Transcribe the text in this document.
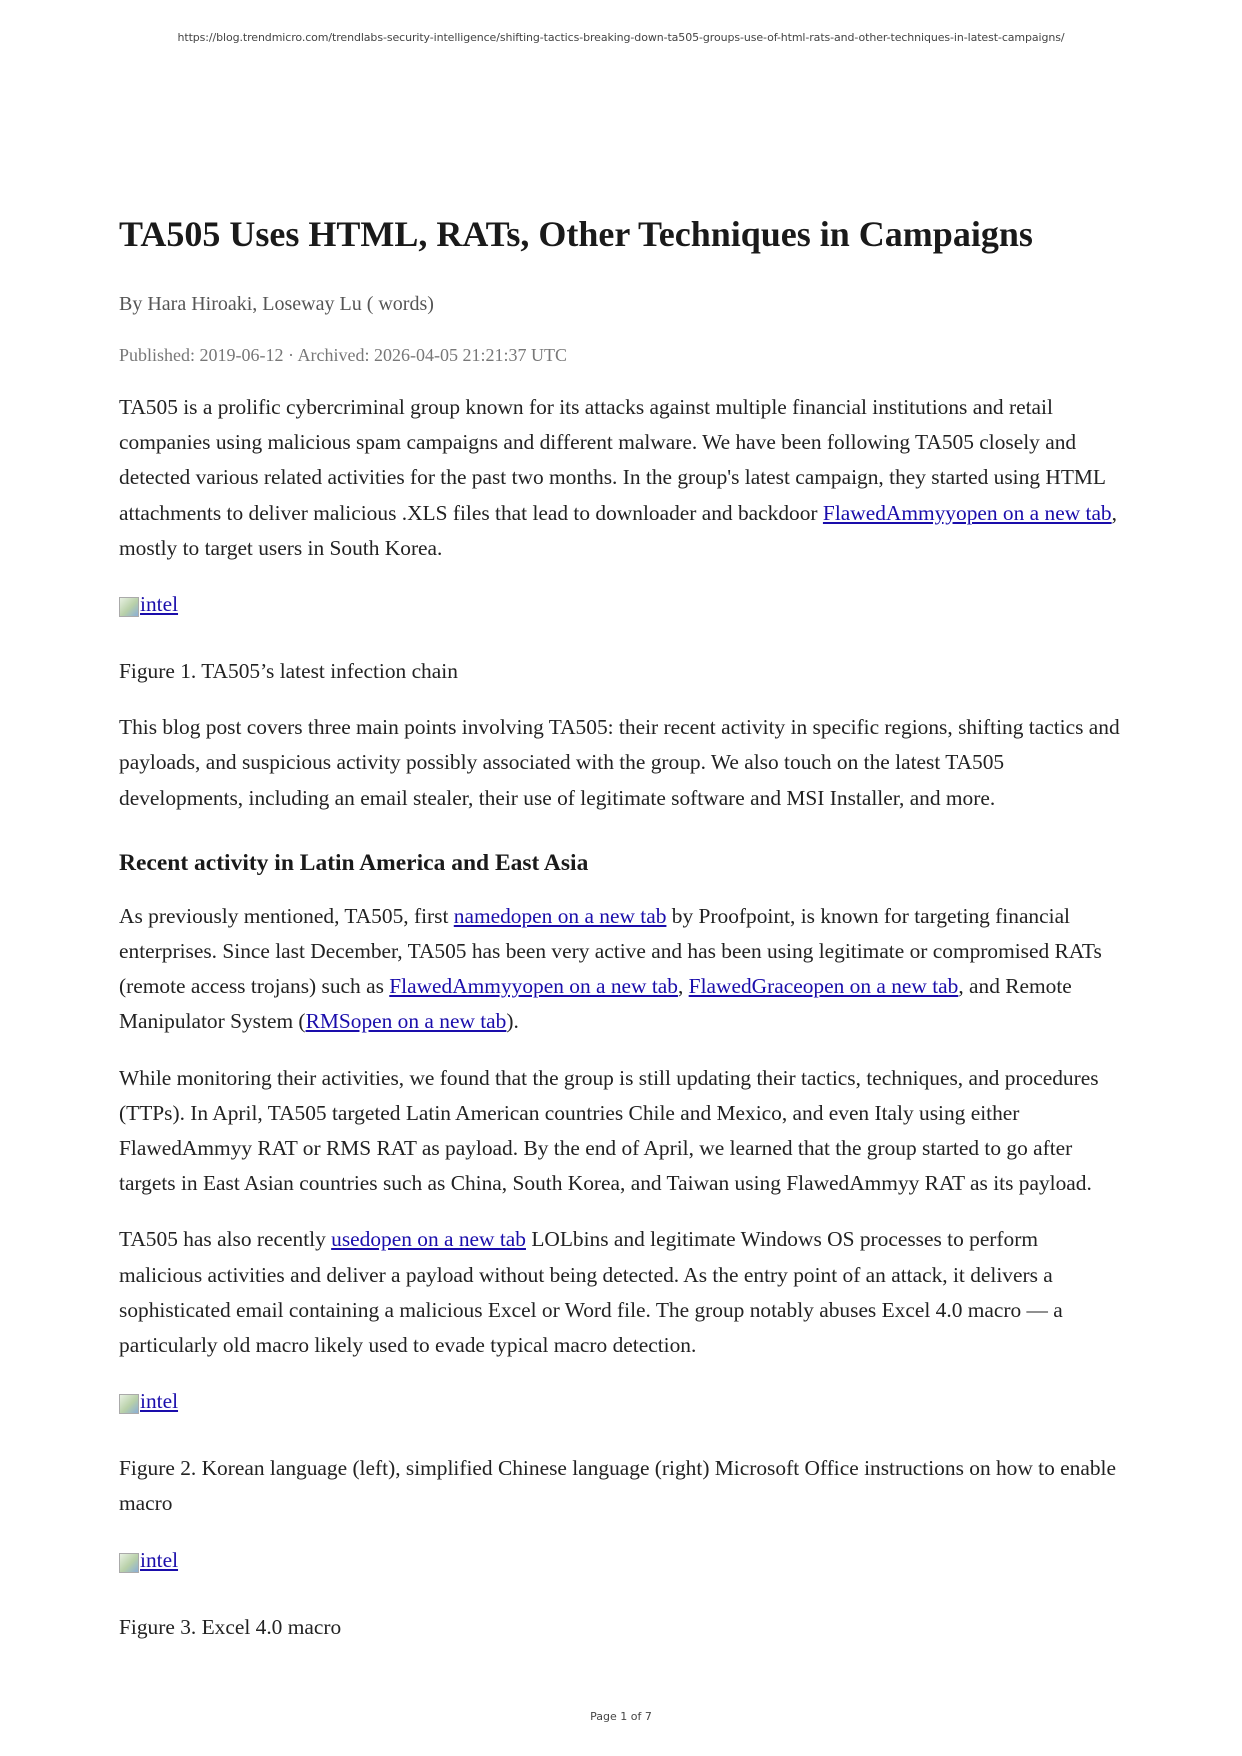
https://blog.trendmicro.com/trendlabs-security-intelligence/shifting-tactics-breaking-down-ta505-groups-use-of-html-rats-and-other-techniques-in-latest-campaigns/
TA505 Uses HTML, RATs, Other Techniques in Campaigns
By Hara Hiroaki, Loseway Lu ( words)
Published: 2019-06-12 · Archived: 2026-04-05 21:21:37 UTC

TA505 is a prolific cybercriminal group known for its attacks against multiple financial institutions and retail companies using malicious spam campaigns and different malware. We have been following TA505 closely and detected various related activities for the past two months. In the group's latest campaign, they started using HTML attachments to deliver malicious .XLS files that lead to downloader and backdoor FlawedAmmyyopen on a new tab, mostly to target users in South Korea.

intel

Figure 1. TA505’s latest infection chain

This blog post covers three main points involving TA505: their recent activity in specific regions, shifting tactics and payloads, and suspicious activity possibly associated with the group. We also touch on the latest TA505 developments, including an email stealer, their use of legitimate software and MSI Installer, and more.

Recent activity in Latin America and East Asia

As previously mentioned, TA505, first namedopen on a new tab by Proofpoint, is known for targeting financial enterprises. Since last December, TA505 has been very active and has been using legitimate or compromised RATs (remote access trojans) such as FlawedAmmyyopen on a new tab, FlawedGraceopen on a new tab, and Remote Manipulator System (RMSopen on a new tab).

While monitoring their activities, we found that the group is still updating their tactics, techniques, and procedures (TTPs). In April, TA505 targeted Latin American countries Chile and Mexico, and even Italy using either FlawedAmmyy RAT or RMS RAT as payload. By the end of April, we learned that the group started to go after targets in East Asian countries such as China, South Korea, and Taiwan using FlawedAmmyy RAT as its payload.

TA505 has also recently usedopen on a new tab LOLbins and legitimate Windows OS processes to perform malicious activities and deliver a payload without being detected. As the entry point of an attack, it delivers a sophisticated email containing a malicious Excel or Word file. The group notably abuses Excel 4.0 macro — a particularly old macro likely used to evade typical macro detection.

intel

Figure 2. Korean language (left), simplified Chinese language (right) Microsoft Office instructions on how to enable macro

intel

Figure 3. Excel 4.0 macro

Page 1 of 7
